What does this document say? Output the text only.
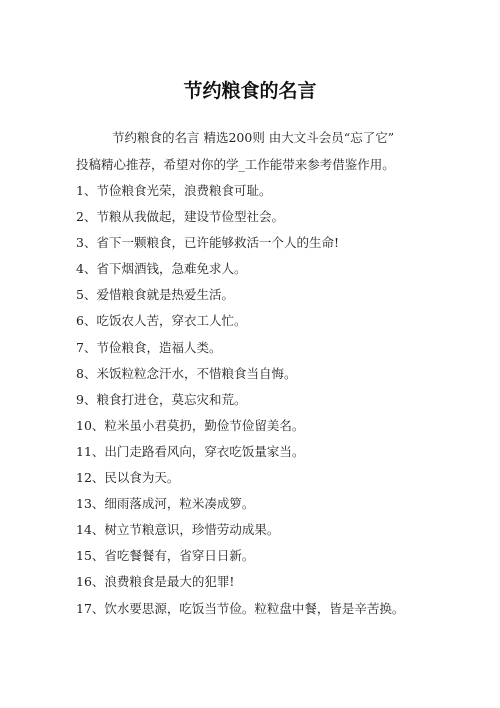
节约粮食的名言

节约粮食的名言 精选200则 由大文斗会员“忘了它”
投稿精心推荐，希望对你的学_工作能带来参考借鉴作用。

1、节俭粮食光荣，浪费粮食可耻。
2、节粮从我做起，建设节俭型社会。
3、省下一颗粮食，已许能够救活一个人的生命!
4、省下烟酒钱，急难免求人。
5、爱惜粮食就是热爱生活。
6、吃饭农人苦，穿衣工人忙。
7、节俭粮食，造福人类。
8、米饭粒粒念汗水，不惜粮食当自悔。
9、粮食打进仓，莫忘灾和荒。
10、粒米虽小君莫扔，勤俭节俭留美名。
11、出门走路看风向，穿衣吃饭量家当。
12、民以食为天。
13、细雨落成河，粒米凑成箩。
14、树立节粮意识，珍惜劳动成果。
15、省吃餐餐有，省穿日日新。
16、浪费粮食是最大的犯罪!
17、饮水要思源，吃饭当节俭。粒粒盘中餐，皆是辛苦换。
